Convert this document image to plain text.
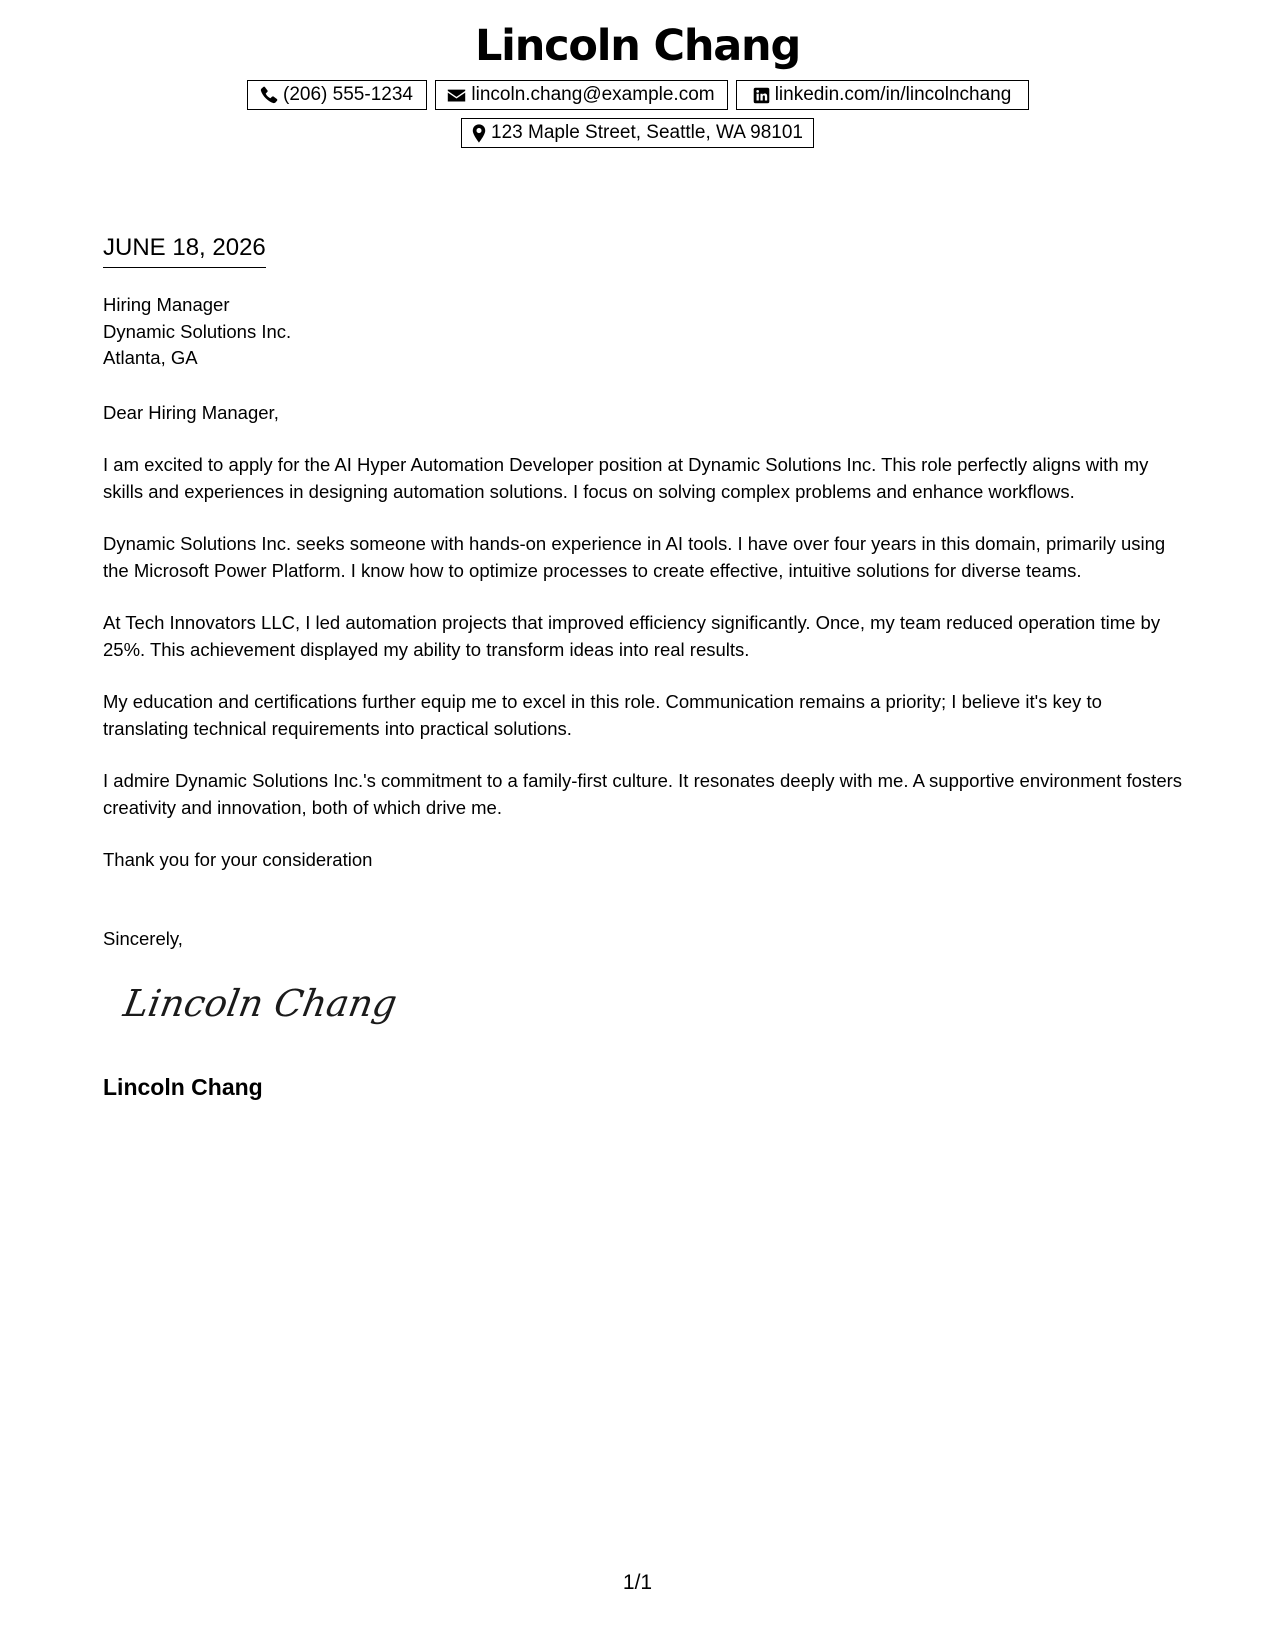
Lincoln Chang
(206) 555-1234	lincoln.chang@example.com	linkedin.com/in/lincolnchang
123 Maple Street, Seattle, WA 98101
JUNE 18, 2026
Hiring Manager
Dynamic Solutions Inc.
Atlanta, GA
Dear Hiring Manager,
I am excited to apply for the AI Hyper Automation Developer position at Dynamic Solutions Inc. This role perfectly aligns with my skills and experiences in designing automation solutions. I focus on solving complex problems and enhance workflows.
Dynamic Solutions Inc. seeks someone with hands-on experience in AI tools. I have over four years in this domain, primarily using the Microsoft Power Platform. I know how to optimize processes to create effective, intuitive solutions for diverse teams.
At Tech Innovators LLC, I led automation projects that improved efficiency significantly. Once, my team reduced operation time by 25%. This achievement displayed my ability to transform ideas into real results.
My education and certifications further equip me to excel in this role. Communication remains a priority; I believe it's key to translating technical requirements into practical solutions.
I admire Dynamic Solutions Inc.'s commitment to a family-first culture. It resonates deeply with me. A supportive environment fosters creativity and innovation, both of which drive me.
Thank you for your consideration
Sincerely,
Lincoln Chang
Lincoln Chang
1/1
